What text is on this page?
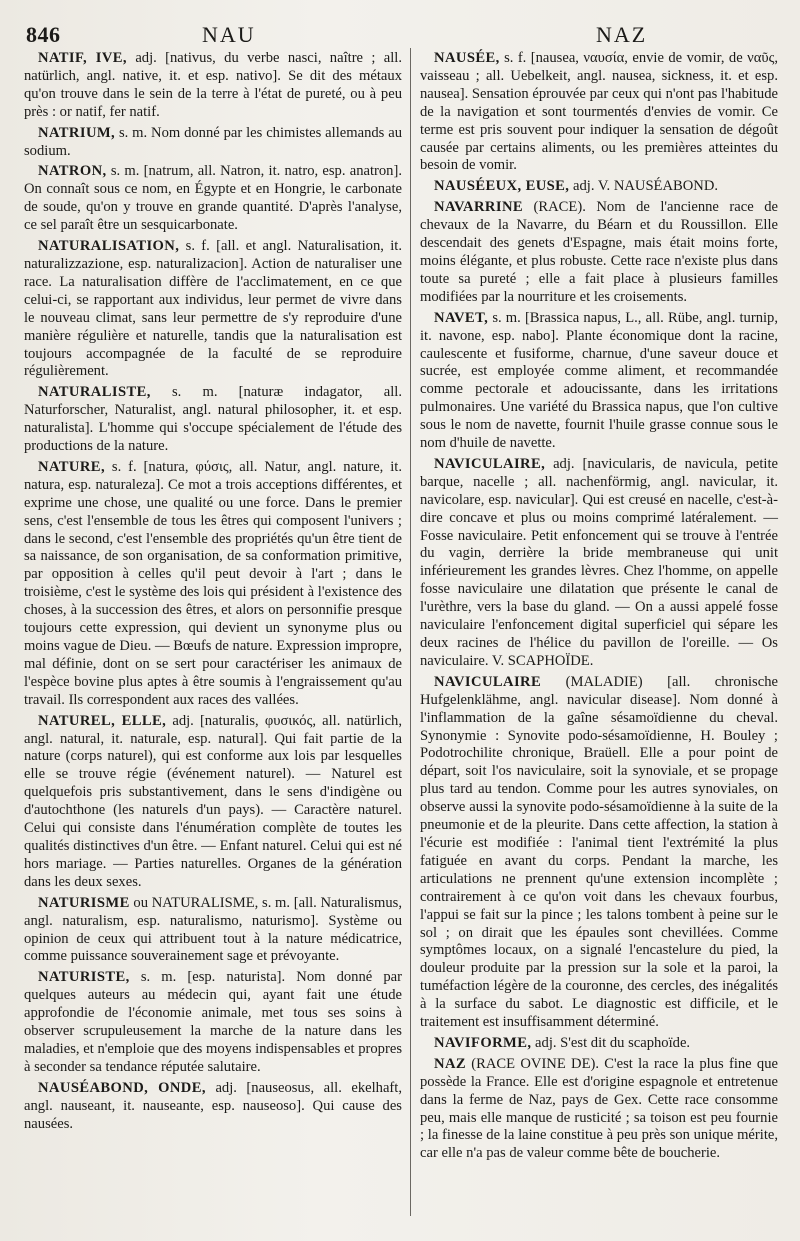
846	NAU	NAZ

NATIF, IVE, adj. [nativus, du verbe nasci, naître ; all. natürlich, angl. native, it. et esp. nativo]. Se dit des métaux qu'on trouve dans le sein de la terre à l'état de pureté, ou à peu près : or natif, fer natif.

NATRIUM, s. m. Nom donné par les chimistes allemands au sodium.

NATRON, s. m. [natrum, all. Natron, it. natro, esp. anatron]. On connaît sous ce nom, en Égypte et en Hongrie, le carbonate de soude, qu'on y trouve en grande quantité. D'après l'analyse, ce sel paraît être un sesquicarbonate.

NATURALISATION, s. f. [all. et angl. Naturalisation, it. naturalizzazione, esp. naturalizacion]. Action de naturaliser une race. La naturalisation diffère de l'acclimatement, en ce que celui-ci, se rapportant aux individus, leur permet de vivre dans le nouveau climat, sans leur permettre de s'y reproduire d'une manière régulière et naturelle, tandis que la naturalisation est toujours accompagnée de la faculté de se reproduire régulièrement.

NATURALISTE, s. m. [naturæ indagator, all. Naturforscher, Naturalist, angl. natural philosopher, it. et esp. naturalista]. L'homme qui s'occupe spécialement de l'étude des productions de la nature.

NATURE, s. f. [natura, φύσις, all. Natur, angl. nature, it. natura, esp. naturaleza]. Ce mot a trois acceptions différentes, et exprime une chose, une qualité ou une force. Dans le premier sens, c'est l'ensemble de tous les êtres qui composent l'univers ; dans le second, c'est l'ensemble des propriétés qu'un être tient de sa naissance, de son organisation, de sa conformation primitive, par opposition à celles qu'il peut devoir à l'art ; dans le troisième, c'est le système des lois qui président à l'existence des choses, à la succession des êtres, et alors on personnifie presque toujours cette expression, qui devient un synonyme plus ou moins vague de Dieu. — Bœufs de nature. Expression impropre, mal définie, dont on se sert pour caractériser les animaux de l'espèce bovine plus aptes à être soumis à l'engraissement qu'au travail. Ils correspondent aux races des vallées.

NATUREL, ELLE, adj. [naturalis, φυσικός, all. natürlich, angl. natural, it. naturale, esp. natural]. Qui fait partie de la nature (corps naturel), qui est conforme aux lois par lesquelles elle se trouve régie (événement naturel). — Naturel est quelquefois pris substantivement, dans le sens d'indigène ou d'autochthone (les naturels d'un pays). — Caractère naturel. Celui qui consiste dans l'énumération complète de toutes les qualités distinctives d'un être. — Enfant naturel. Celui qui est né hors mariage. — Parties naturelles. Organes de la génération dans les deux sexes.

NATURISME ou NATURALISME, s. m. [all. Naturalismus, angl. naturalism, esp. naturalismo, naturismo]. Système ou opinion de ceux qui attribuent tout à la nature médicatrice, comme puissance souverainement sage et prévoyante.

NATURISTE, s. m. [esp. naturista]. Nom donné par quelques auteurs au médecin qui, ayant fait une étude approfondie de l'économie animale, met tous ses soins à observer scrupuleusement la marche de la nature dans les maladies, et n'emploie que des moyens indispensables et propres à seconder sa tendance réputée salutaire.

NAUSÉABOND, ONDE, adj. [nauseosus, all. ekelhaft, angl. nauseant, it. nauseante, esp. nauseoso]. Qui cause des nausées.

NAUSÉE, s. f. [nausea, ναυσία, envie de vomir, de ναῦς, vaisseau ; all. Uebelkeit, angl. nausea, sickness, it. et esp. nausea]. Sensation éprouvée par ceux qui n'ont pas l'habitude de la navigation et sont tourmentés d'envies de vomir. Ce terme est pris souvent pour indiquer la sensation de dégoût causée par certains aliments, ou les premières atteintes du besoin de vomir.

NAUSÉEUX, EUSE, adj. V. NAUSÉABOND.

NAVARRINE (RACE). Nom de l'ancienne race de chevaux de la Navarre, du Béarn et du Roussillon. Elle descendait des genets d'Espagne, mais était moins forte, moins élégante, et plus robuste. Cette race n'existe plus dans toute sa pureté ; elle a fait place à plusieurs familles modifiées par la nourriture et les croisements.

NAVET, s. m. [Brassica napus, L., all. Rübe, angl. turnip, it. navone, esp. nabo]. Plante économique dont la racine, caulescente et fusiforme, charnue, d'une saveur douce et sucrée, est employée comme aliment, et recommandée comme pectorale et adoucissante, dans les irritations pulmonaires. Une variété du Brassica napus, que l'on cultive sous le nom de navette, fournit l'huile grasse connue sous le nom d'huile de navette.

NAVICULAIRE, adj. [navicularis, de navicula, petite barque, nacelle ; all. nachenförmig, angl. navicular, it. navicolare, esp. navicular]. Qui est creusé en nacelle, c'est-à-dire concave et plus ou moins comprimé latéralement. — Fosse naviculaire. Petit enfoncement qui se trouve à l'entrée du vagin, derrière la bride membraneuse qui unit inférieurement les grandes lèvres. Chez l'homme, on appelle fosse naviculaire une dilatation que présente le canal de l'urèthre, vers la base du gland. — On a aussi appelé fosse naviculaire l'enfoncement digital superficiel qui sépare les deux racines de l'hélice du pavillon de l'oreille. — Os naviculaire. V. SCAPHOÏDE.

NAVICULAIRE (MALADIE) [all. chronische Hufgelenklähme, angl. navicular disease]. Nom donné à l'inflammation de la gaîne sésamoïdienne du cheval. Synonymie : Synovite podo-sésamoïdienne, H. Bouley ; Podotrochilite chronique, Braüell. Elle a pour point de départ, soit l'os naviculaire, soit la synoviale, et se propage plus tard au tendon. Comme pour les autres synoviales, on observe aussi la synovite podo-sésamoïdienne à la suite de la pneumonie et de la pleurite. Dans cette affection, la station à l'écurie est modifiée : l'animal tient l'extrémité la plus fatiguée en avant du corps. Pendant la marche, les articulations ne prennent qu'une extension incomplète ; contrairement à ce qu'on voit dans les chevaux fourbus, l'appui se fait sur la pince ; les talons tombent à peine sur le sol ; on dirait que les épaules sont chevillées. Comme symptômes locaux, on a signalé l'encastelure du pied, la douleur produite par la pression sur la sole et la paroi, la tuméfaction légère de la couronne, des cercles, des inégalités à la surface du sabot. Le diagnostic est difficile, et le traitement est insuffisamment déterminé.

NAVIFORME, adj. S'est dit du scaphoïde.

NAZ (RACE OVINE DE). C'est la race la plus fine que possède la France. Elle est d'origine espagnole et entretenue dans la ferme de Naz, pays de Gex. Cette race consomme peu, mais elle manque de rusticité ; sa toison est peu fournie ; la finesse de la laine constitue à peu près son unique mérite, car elle n'a pas de valeur comme bête de boucherie.
